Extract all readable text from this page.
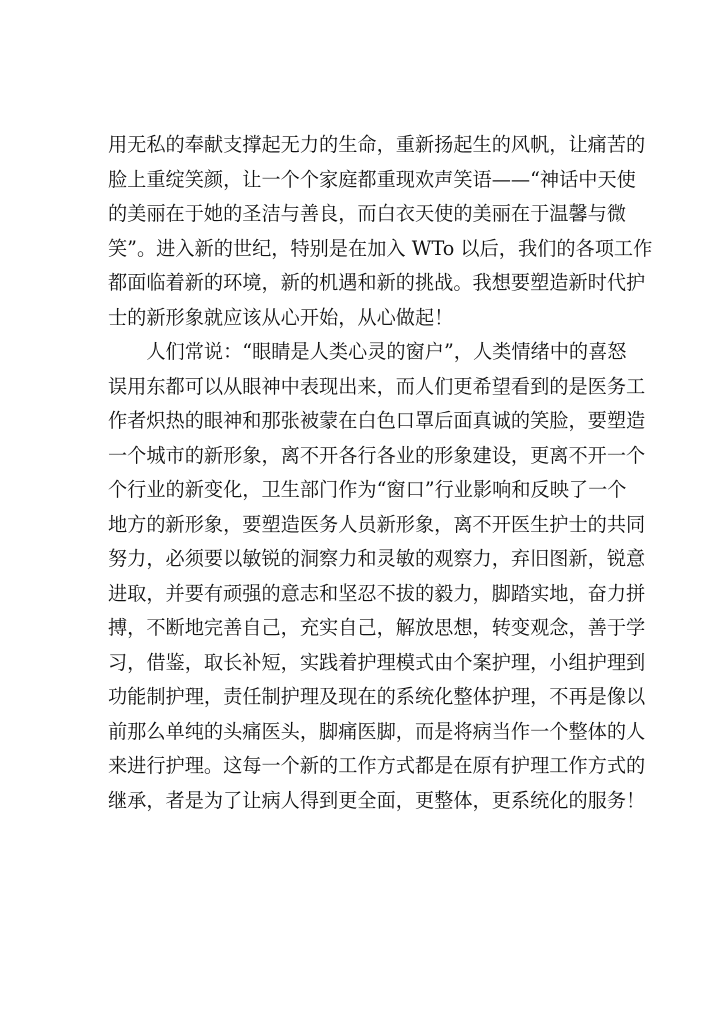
用无私的奉献支撑起无力的生命，重新扬起生的风帆，让痛苦的
脸上重绽笑颜，让一个个家庭都重现欢声笑语——“神话中天使
的美丽在于她的圣洁与善良，而白衣天使的美丽在于温馨与微
笑”。进入新的世纪，特别是在加入 WTo 以后，我们的各项工作
都面临着新的环境，新的机遇和新的挑战。我想要塑造新时代护
士的新形象就应该从心开始，从心做起！
　　人们常说：“眼睛是人类心灵的窗户”，人类情绪中的喜怒
误用东都可以从眼神中表现出来，而人们更希望看到的是医务工
作者炽热的眼神和那张被蒙在白色口罩后面真诚的笑脸，要塑造
一个城市的新形象，离不开各行各业的形象建设，更离不开一个
个行业的新变化，卫生部门作为“窗口”行业影响和反映了一个
地方的新形象，要塑造医务人员新形象，离不开医生护士的共同
努力，必须要以敏锐的洞察力和灵敏的观察力，弃旧图新，锐意
进取，并要有顽强的意志和坚忍不拔的毅力，脚踏实地，奋力拼
搏，不断地完善自己，充实自己，解放思想，转变观念，善于学
习，借鉴，取长补短，实践着护理模式由个案护理，小组护理到
功能制护理，责任制护理及现在的系统化整体护理，不再是像以
前那么单纯的头痛医头，脚痛医脚，而是将病当作一个整体的人
来进行护理。这每一个新的工作方式都是在原有护理工作方式的
继承，者是为了让病人得到更全面，更整体，更系统化的服务！
